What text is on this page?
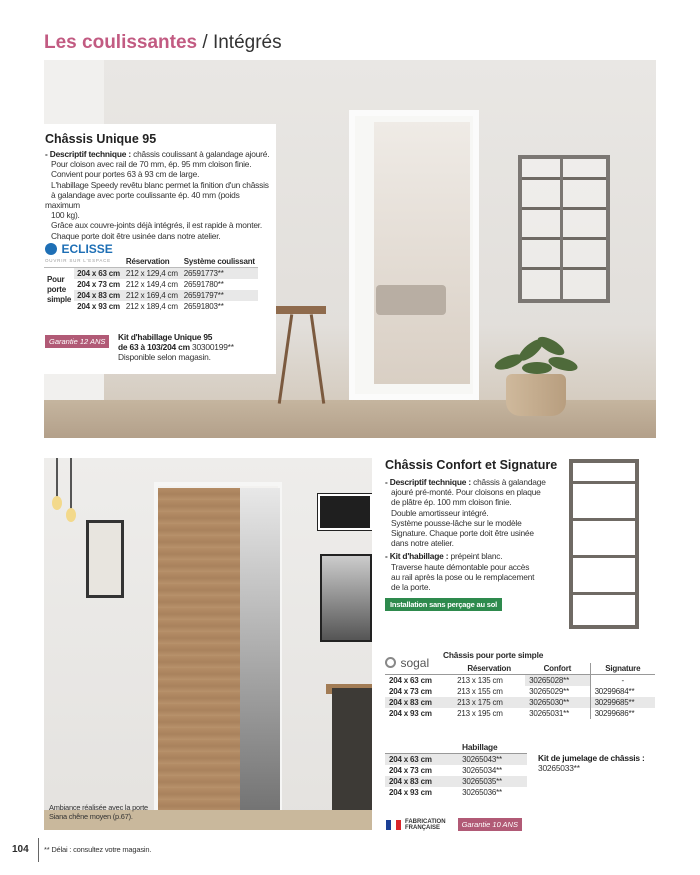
Les coulissantes / Intégrés
Châssis Unique 95
- Descriptif technique : châssis coulissant à galandage ajouré.
Pour cloison avec rail de 70 mm, ép. 95 mm cloison finie.
Convient pour portes 63 à 93 cm de large.
L'habillage Speedy revêtu blanc permet la finition d'un châssis
à galandage avec porte coulissante ép. 40 mm (poids maximum
100 kg).
Grâce aux couvre-joints déjà intégrés, il est rapide à monter.
Chaque porte doit être usinée dans notre atelier.
ECLISSE
OUVRIR SUR L'ESPACE
		Réservation	Système coulissant
Pour
porte
simple	204 x 63 cm	212 x 129,4 cm	26591773**
	204 x 73 cm	212 x 149,4 cm	26591780**
	204 x 83 cm	212 x 169,4 cm	26591797**
	204 x 93 cm	212 x 189,4 cm	26591803**
Garantie 12 ANS	Kit d'habillage Unique 95
de 63 à 103/204 cm 30300199**
Disponible selon magasin.
Ambiance réalisée avec la porte
Siana chêne moyen (p.67).
Châssis Confort et Signature
- Descriptif technique : châssis à galandage
ajouré pré-monté. Pour cloisons en plaque
de plâtre ép. 100 mm cloison finie.
Double amortisseur intégré.
Système pousse-lâche sur le modèle
Signature. Chaque porte doit être usinée
dans notre atelier.
- Kit d'habillage : prépeint blanc.
Traverse haute démontable pour accès
au rail après la pose ou le remplacement
de la porte.
Installation sans perçage au sol
sogal
Châssis pour porte simple
	Réservation	Confort	Signature
204 x 63 cm	213 x 135 cm	30265028**	-
204 x 73 cm	213 x 155 cm	30265029**	30299684**
204 x 83 cm	213 x 175 cm	30265030**	30299685**
204 x 93 cm	213 x 195 cm	30265031**	30299686**
Habillage
204 x 63 cm	30265043**
204 x 73 cm	30265034**
204 x 83 cm	30265035**
204 x 93 cm	30265036**
Kit de jumelage de châssis :
30265033**
FABRICATION
FRANÇAISE	Garantie 10 ANS
104 ** Délai : consultez votre magasin.
